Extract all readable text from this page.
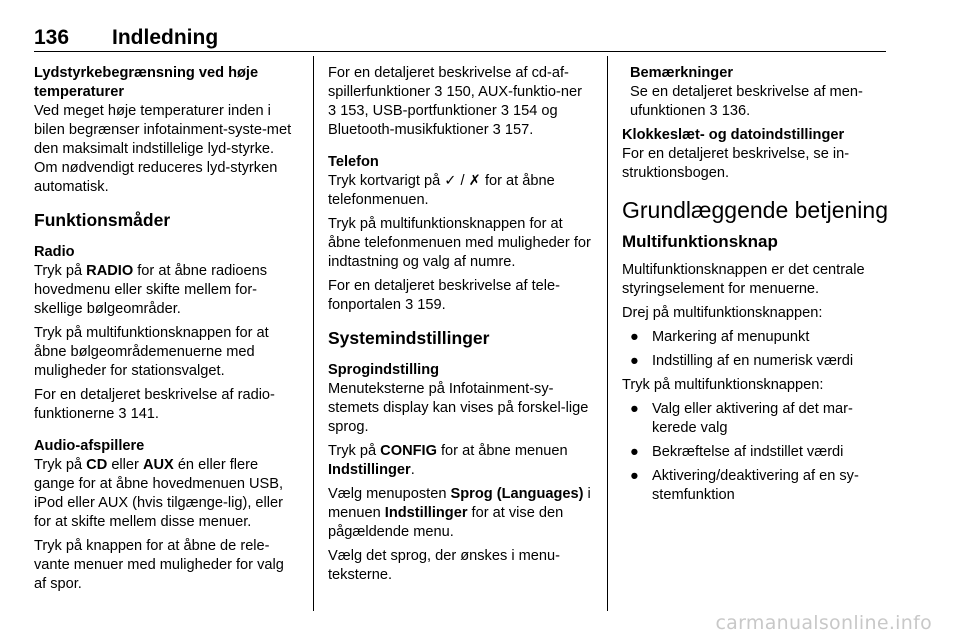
136 Indledning

Lydstyrkebegrænsning ved høje temperaturer

Ved meget høje temperaturer inden i bilen begrænser infotainment-syste-met den maksimalt indstillelige lyd-styrke. Om nødvendigt reduceres lyd-styrken automatisk.

Funktionsmåder

Radio

Tryk på RADIO for at åbne radioens hovedmenu eller skifte mellem for-skellige bølgeområder.

Tryk på multifunktionsknappen for at åbne bølgeområdemenuerne med muligheder for stationsvalget.

For en detaljeret beskrivelse af radio-funktionerne 3 141.

Audio-afspillere

Tryk på CD eller AUX én eller flere gange for at åbne hovedmenuen USB, iPod eller AUX (hvis tilgænge-lig), eller for at skifte mellem disse menuer.

Tryk på knappen for at åbne de rele-vante menuer med muligheder for valg af spor.

For en detaljeret beskrivelse af cd-af-spillerfunktioner 3 150, AUX-funktio-ner 3 153, USB-portfunktioner 3 154 og Bluetooth-musikfuktioner 3 157.

Telefon

Tryk kortvarigt på ✓ / ✗ for at åbne telefonmenuen.

Tryk på multifunktionsknappen for at åbne telefonmenuen med muligheder for indtastning og valg af numre.

For en detaljeret beskrivelse af tele-fonportalen 3 159.

Systemindstillinger

Sprogindstilling

Menuteksterne på Infotainment-sy-stemets display kan vises på forskel-lige sprog.

Tryk på CONFIG for at åbne menuen Indstillinger.

Vælg menuposten Sprog (Languages) i menuen Indstillinger for at vise den pågældende menu.

Vælg det sprog, der ønskes i menu-teksterne.

Bemærkninger

Se en detaljeret beskrivelse af men-ufunktionen 3 136.

Klokkeslæt- og datoindstillinger

For en detaljeret beskrivelse, se in-struktionsbogen.

Grundlæggende betjening

Multifunktionsknap

Multifunktionsknappen er det centrale styringselement for menuerne.

Drej på multifunktionsknappen:

● Markering af menupunkt
● Indstilling af en numerisk værdi

Tryk på multifunktionsknappen:

● Valg eller aktivering af det mar-kerede valg
● Bekræftelse af indstillet værdi
● Aktivering/deaktivering af en sy-stemfunktion
carmanualsonline.info
